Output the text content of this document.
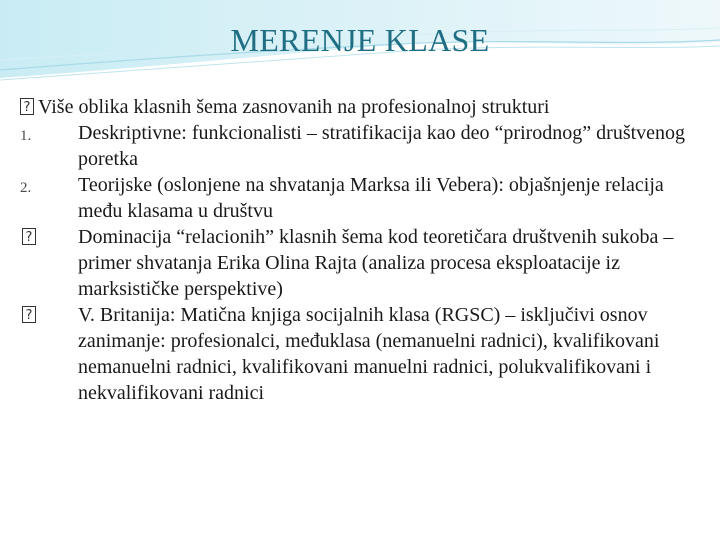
MERENJE KLASE
?
Više oblika klasnih šema zasnovanih na profesionalnoj strukturi
1.	Deskriptivne: funkcionalisti – stratifikacija kao deo “prirodnog” društvenog poretka
2.	Teorijske (oslonjene na shvatanja Marksa ili Vebera): objašnjenje relacija među klasama u društvu
?
Dominacija “relacionih” klasnih šema kod teoretičara društvenih sukoba – primer shvatanja Erika Olina Rajta (analiza procesa eksploatacije iz marksističke perspektive)
?
V. Britanija: Matična knjiga socijalnih klasa (RGSC) – isključivi osnov zanimanje: profesionalci, međuklasa (nemanuelni radnici), kvalifikovani nemanuelni radnici, kvalifikovani manuelni radnici, polukvalifikovani i nekvalifikovani radnici
